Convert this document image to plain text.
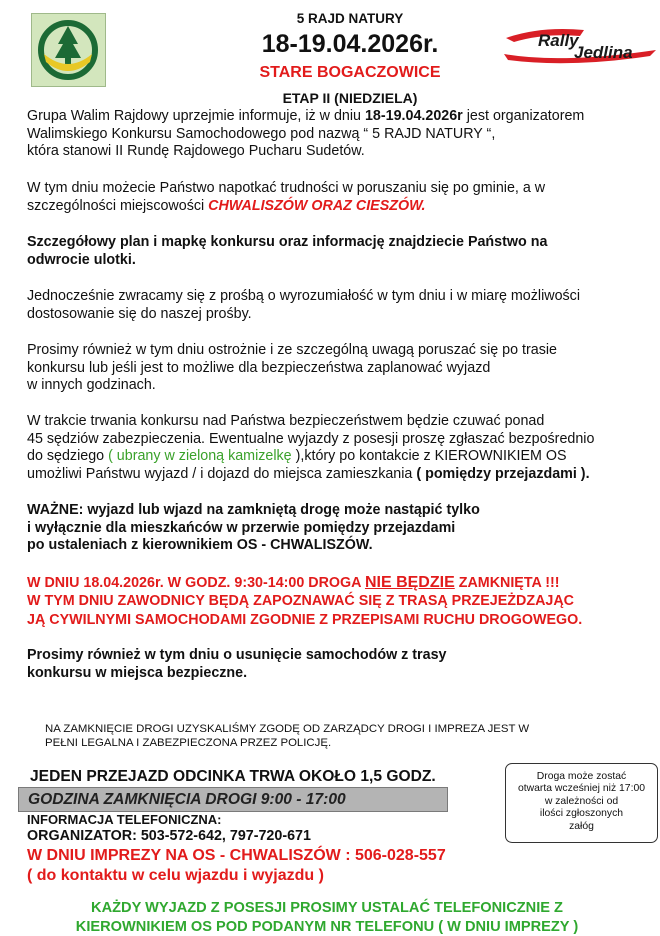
Rally
Jedlina
5 RAJD NATURY
18-19.04.2026r.
STARE BOGACZOWICE
ETAP II (NIEDZIELA)
Grupa Walim Rajdowy uprzejmie informuje, iż w dniu 18-19.04.2026r jest organizatorem
Walimskiego Konkursu Samochodowego pod nazwą “ 5 RAJD NATURY “,
która stanowi II Rundę Rajdowego Pucharu Sudetów.
W tym dniu możecie Państwo napotkać trudności w poruszaniu się po gminie, a w
szczególności miejscowości CHWALISZÓW ORAZ CIESZÓW.
Szczegółowy plan i mapkę konkursu oraz informację znajdziecie Państwo na
odwrocie ulotki.
Jednocześnie zwracamy się z prośbą o wyrozumiałość w tym dniu i w miarę możliwości
dostosowanie się do naszej prośby.
Prosimy również w tym dniu ostrożnie i ze szczególną uwagą poruszać się po trasie
konkursu lub jeśli jest to możliwe dla bezpieczeństwa zaplanować wyjazd
w innych godzinach.
W trakcie trwania konkursu nad Państwa bezpieczeństwem będzie czuwać ponad
45 sędziów zabezpieczenia. Ewentualne wyjazdy z posesji proszę zgłaszać bezpośrednio
do sędziego ( ubrany w zieloną kamizelkę ),który po kontakcie z KIEROWNIKIEM OS
umożliwi Państwu wyjazd / i dojazd do miejsca zamieszkania ( pomiędzy przejazdami ).
WAŻNE: wyjazd lub wjazd na zamkniętą drogę może nastąpić tylko
i wyłącznie dla mieszkańców w przerwie pomiędzy przejazdami
po ustaleniach z kierownikiem OS - CHWALISZÓW.
W DNIU 18.04.2026r. W GODZ. 9:30-14:00 DROGA NIE BĘDZIE ZAMKNIĘTA !!!
W TYM DNIU ZAWODNICY BĘDĄ ZAPOZNAWAĆ SIĘ Z TRASĄ PRZEJEŻDZAJĄC
JĄ CYWILNYMI SAMOCHODAMI ZGODNIE Z PRZEPISAMI RUCHU DROGOWEGO.
Prosimy również w tym dniu o usunięcie samochodów z trasy
konkursu w miejsca bezpieczne.
NA ZAMKNIĘCIE DROGI UZYSKALIŚMY ZGODĘ OD ZARZĄDCY DROGI I IMPREZA JEST W
PEŁNI LEGALNA I ZABEZPIECZONA PRZEZ POLICJĘ.
JEDEN PRZEJAZD ODCINKA TRWA OKOŁO 1,5 GODZ.
GODZINA ZAMKNIĘCIA DROGI 9:00 - 17:00
Droga może zostać
otwarta wcześniej niż 17:00
w zależności od
ilości zgłoszonych
załóg
INFORMACJA TELEFONICZNA:
ORGANIZATOR: 503-572-642, 797-720-671
W DNIU IMPREZY NA OS - CHWALISZÓW : 506-028-557
( do kontaktu w celu wjazdu i wyjazdu )
KAŻDY WYJAZD Z POSESJI PROSIMY USTALAĆ TELEFONICZNIE Z
KIEROWNIKIEM OS POD PODANYM NR TELEFONU ( W DNIU IMPREZY )
